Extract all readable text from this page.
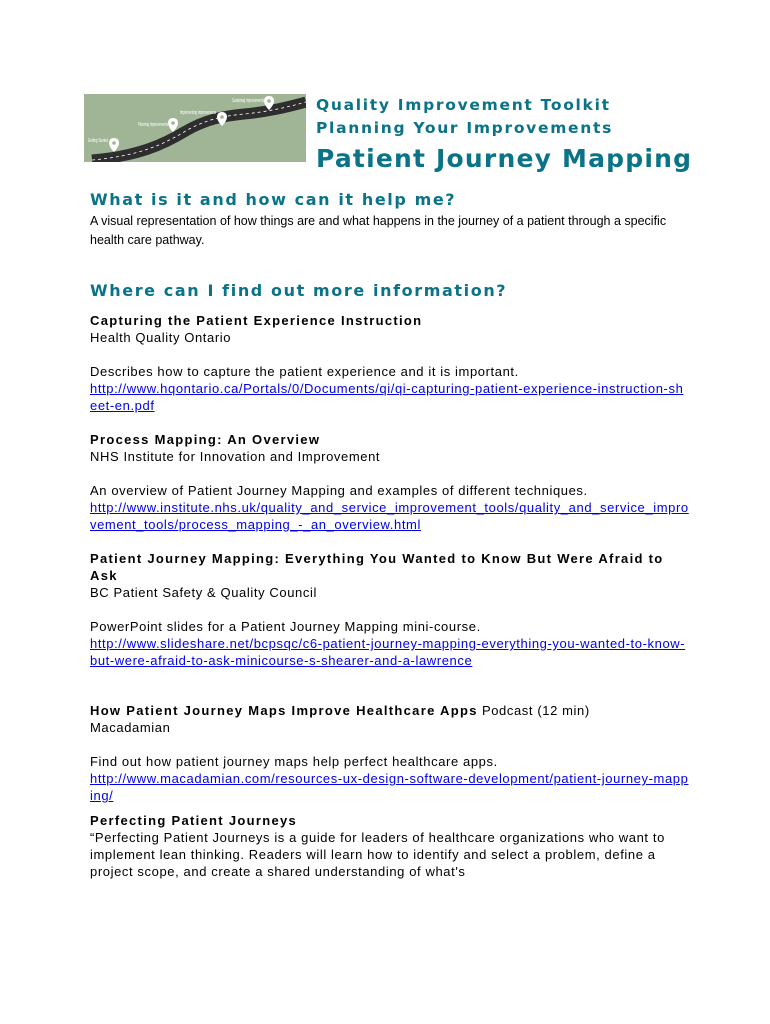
Getting Started
Planning Improvements
Implementing Improvements
Sustaining Improvements	Quality Improvement Toolkit
Planning Your Improvements
Patient Journey Mapping
What is it and how can it help me?

A visual representation of how things are and what happens in the journey of a patient through a specific health care pathway.

Where can I find out more information?

Capturing the Patient Experience Instruction

Health Quality Ontario

Describes how to capture the patient experience and it is important.

http://www.hqontario.ca/Portals/0/Documents/qi/qi-capturing-patient-experience-instruction-sheet-en.pdf

Process Mapping: An Overview

NHS Institute for Innovation and Improvement

An overview of Patient Journey Mapping and examples of different techniques.

http://www.institute.nhs.uk/quality_and_service_improvement_tools/quality_and_service_improvement_tools/process_mapping_-_an_overview.html

Patient Journey Mapping: Everything You Wanted to Know But Were Afraid to Ask

BC Patient Safety & Quality Council

PowerPoint slides for a Patient Journey Mapping mini-course.

http://www.slideshare.net/bcpsqc/c6-patient-journey-mapping-everything-you-wanted-to-know-but-were-afraid-to-ask-minicourse-s-shearer-and-a-lawrence

How Patient Journey Maps Improve Healthcare Apps Podcast (12 min)

Macadamian

Find out how patient journey maps help perfect healthcare apps.

http://www.macadamian.com/resources-ux-design-software-development/patient-journey-mapping/

Perfecting Patient Journeys

“Perfecting Patient Journeys is a guide for leaders of healthcare organizations who want to implement lean thinking. Readers will learn how to identify and select a problem, define a project scope, and create a shared understanding of what's
